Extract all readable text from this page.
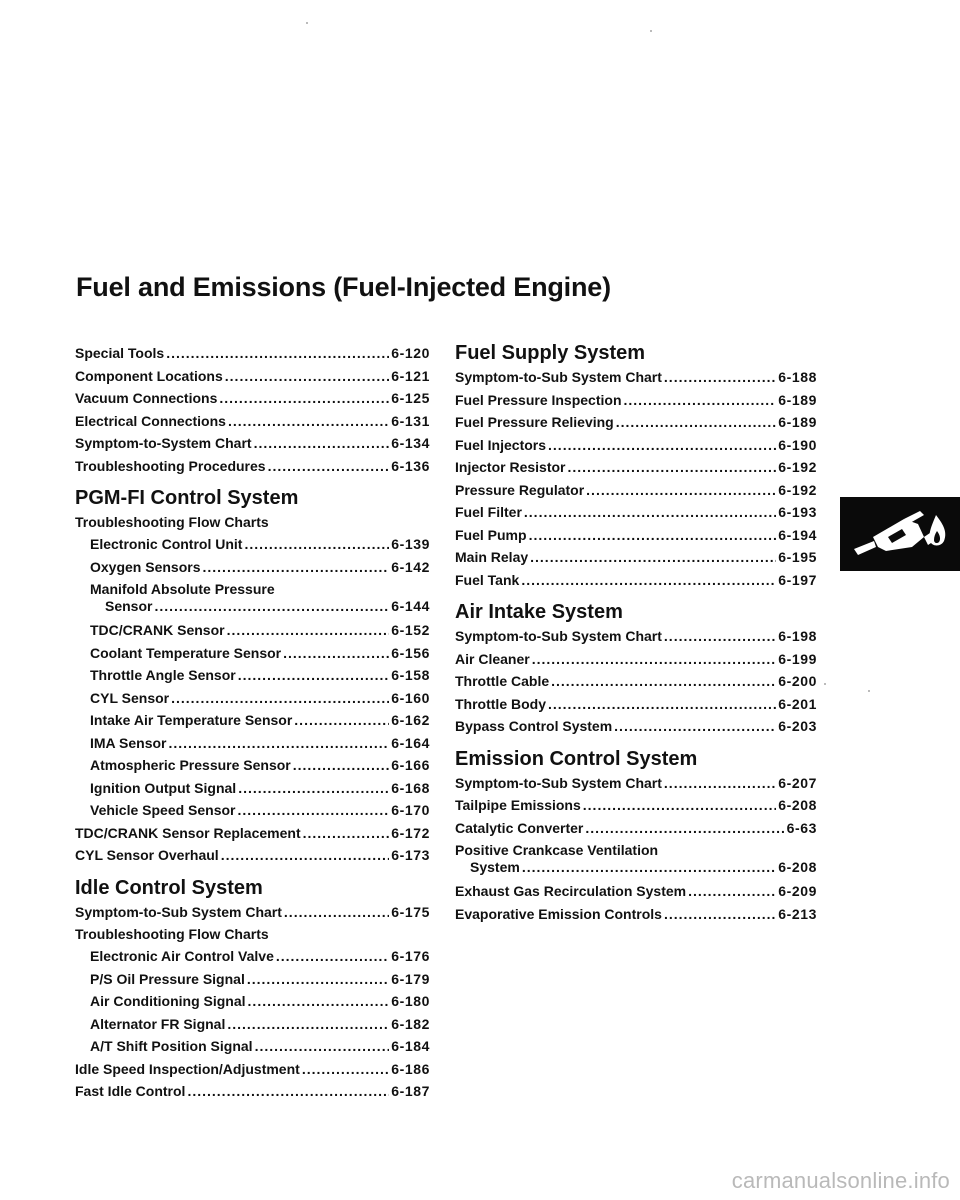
Fuel and Emissions (Fuel-Injected Engine)
Special Tools .....	6-120
Component Locations .....	6-121
Vacuum Connections .....	6-125
Electrical Connections .....	6-131
Symptom-to-System Chart .....	6-134
Troubleshooting Procedures .....	6-136
PGM-FI Control System
Troubleshooting Flow Charts
Electronic Control Unit .....	6-139
Oxygen Sensors .....	6-142
Manifold Absolute Pressure
Sensor .....	6-144
TDC/CRANK Sensor .....	6-152
Coolant Temperature Sensor .....	6-156
Throttle Angle Sensor .....	6-158
CYL Sensor .....	6-160
Intake Air Temperature Sensor .....	6-162
IMA Sensor .....	6-164
Atmospheric Pressure Sensor .....	6-166
Ignition Output Signal .....	6-168
Vehicle Speed Sensor .....	6-170
TDC/CRANK Sensor Replacement .....	6-172
CYL Sensor Overhaul .....	6-173
Idle Control System
Symptom-to-Sub System Chart .....	6-175
Troubleshooting Flow Charts
Electronic Air Control Valve .....	6-176
P/S Oil Pressure Signal .....	6-179
Air Conditioning Signal .....	6-180
Alternator FR Signal .....	6-182
A/T Shift Position Signal .....	6-184
Idle Speed Inspection/Adjustment .....	6-186
Fast Idle Control .....	6-187
Fuel Supply System
Symptom-to-Sub System Chart .....	6-188
Fuel Pressure Inspection .....	6-189
Fuel Pressure Relieving .....	6-189
Fuel Injectors .....	6-190
Injector Resistor .....	6-192
Pressure Regulator .....	6-192
Fuel Filter .....	6-193
Fuel Pump .....	6-194
Main Relay .....	6-195
Fuel Tank .....	6-197
Air Intake System
Symptom-to-Sub System Chart .....	6-198
Air Cleaner .....	6-199
Throttle Cable .....	6-200
Throttle Body .....	6-201
Bypass Control System .....	6-203
Emission Control System
Symptom-to-Sub System Chart .....	6-207
Tailpipe Emissions .....	6-208
Catalytic Converter .....	6-63
Positive Crankcase Ventilation
System .....	6-208
Exhaust Gas Recirculation System .....	6-209
Evaporative Emission Controls .....	6-213
carmanualsonline.info
